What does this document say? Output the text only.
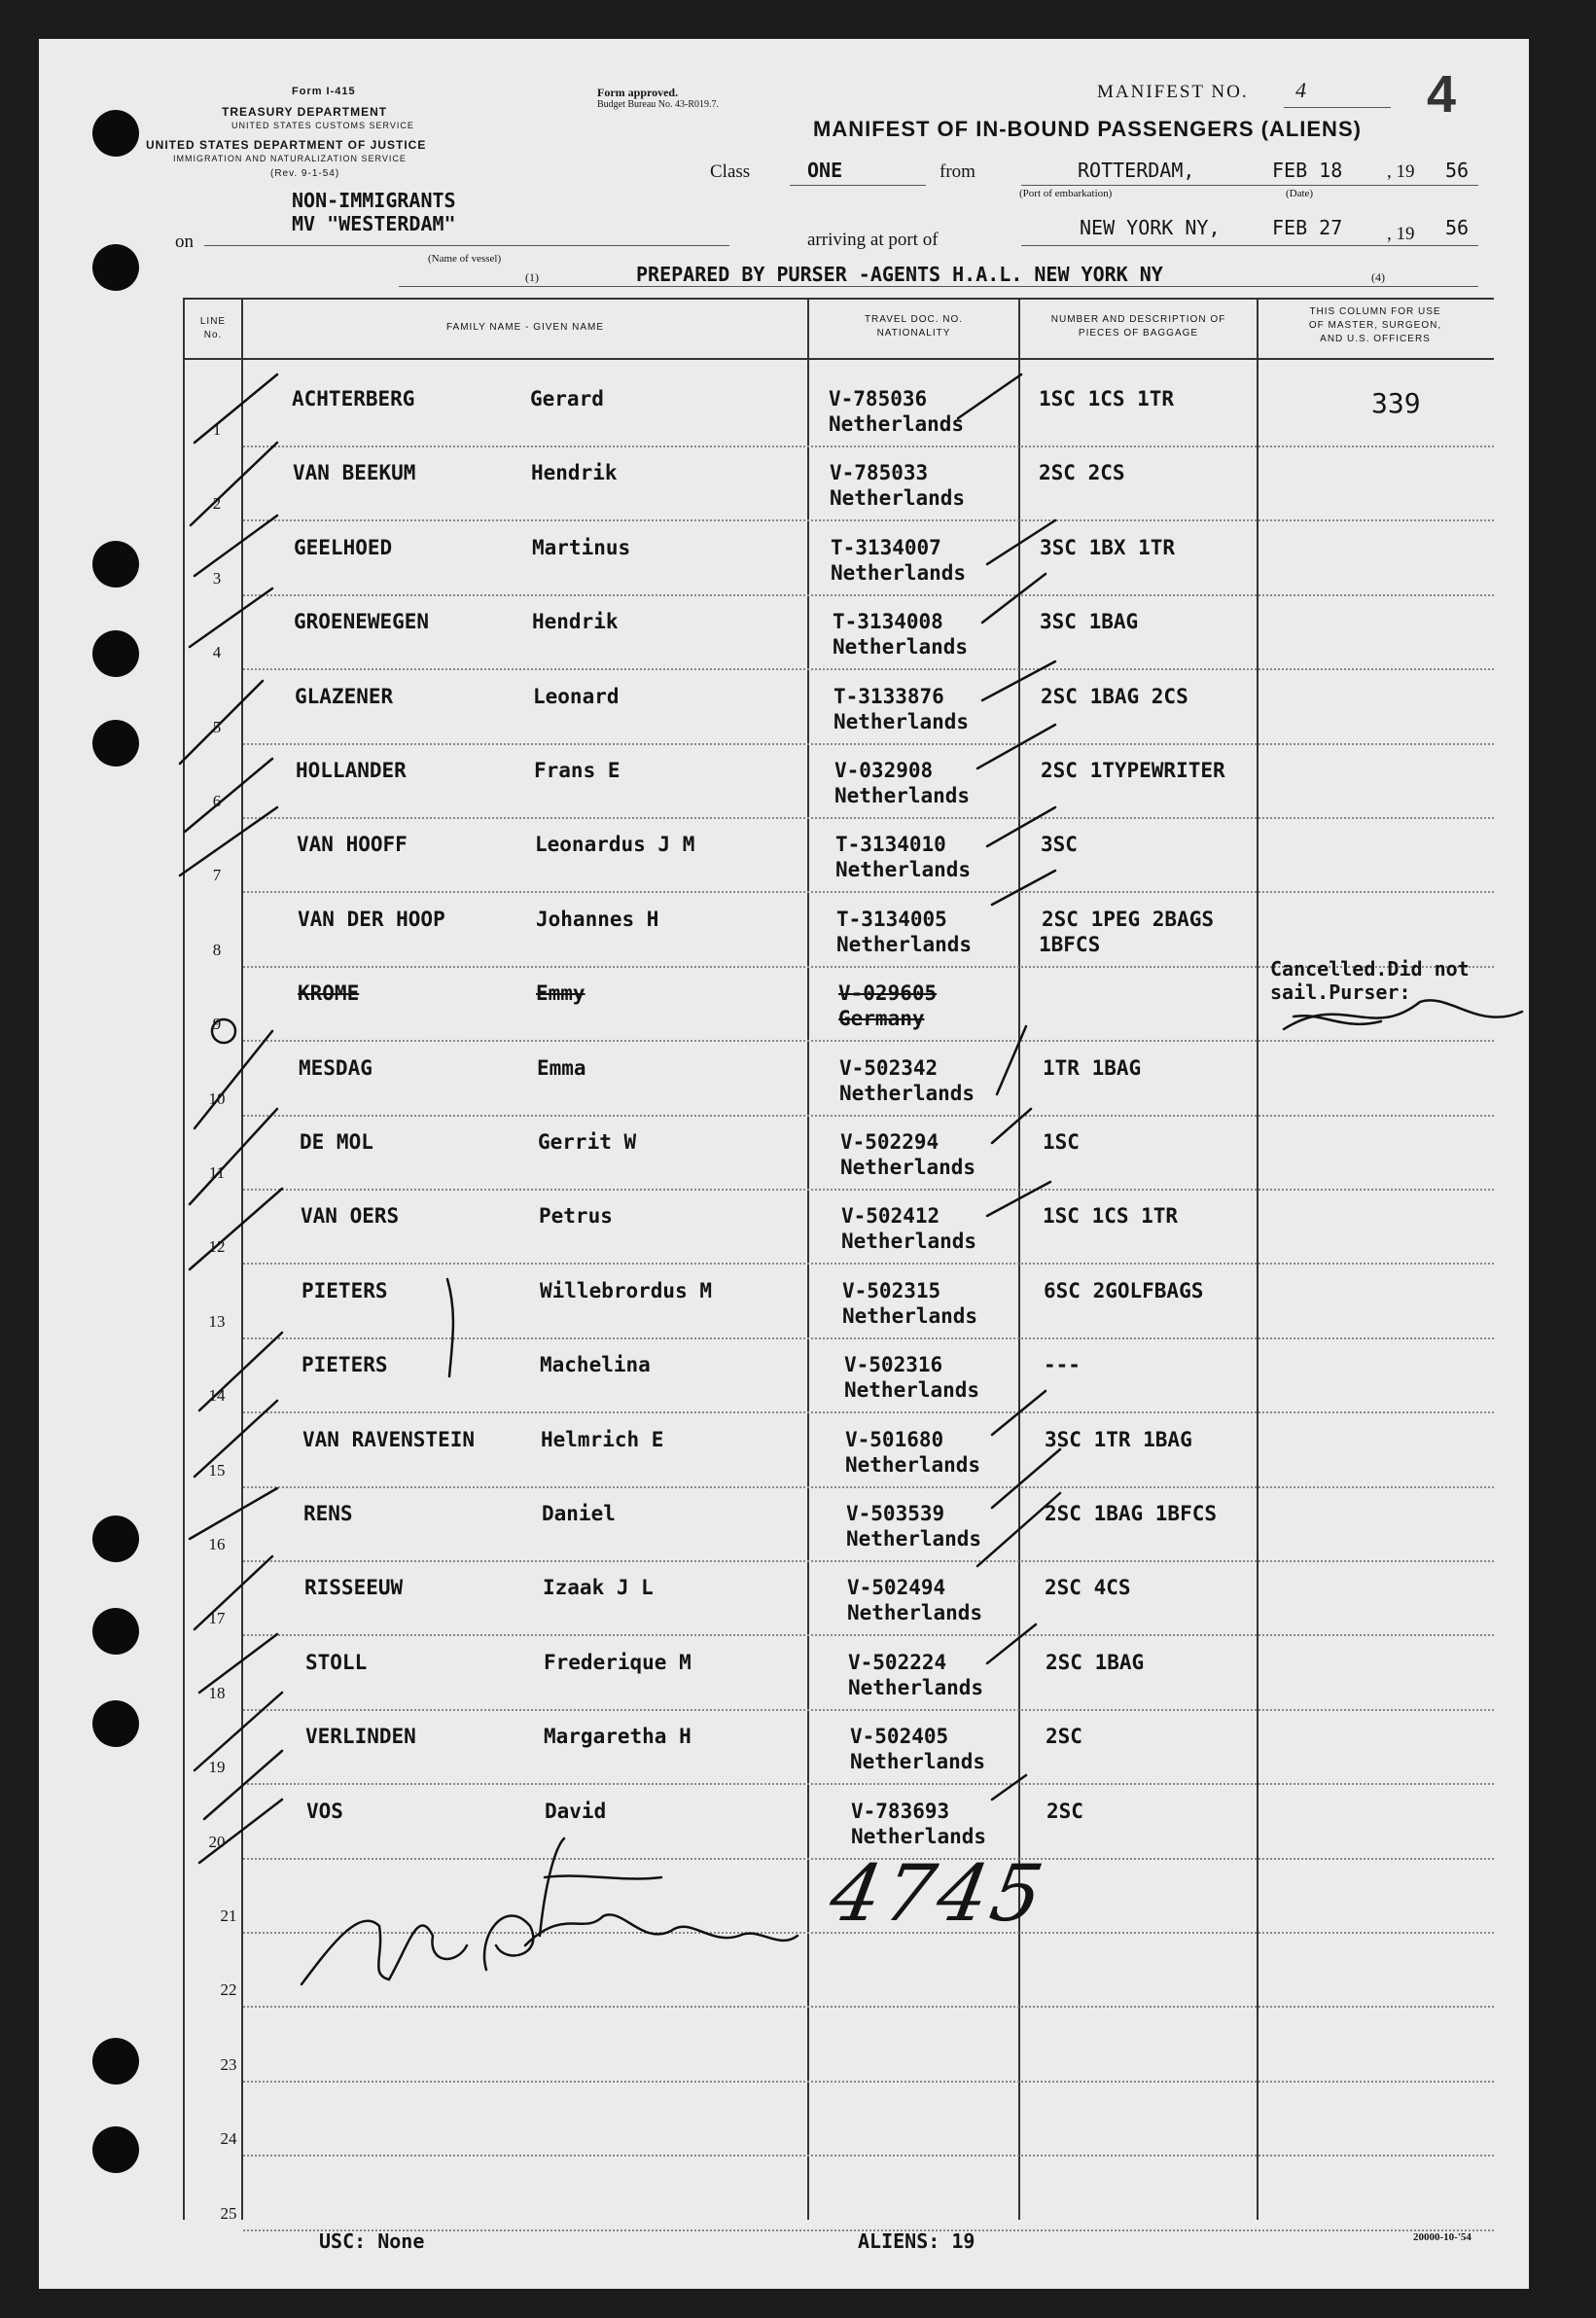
Form I-415
TREASURY DEPARTMENT
UNITED STATES CUSTOMS SERVICE
UNITED STATES DEPARTMENT OF JUSTICE
IMMIGRATION AND NATURALIZATION SERVICE
(Rev. 9-1-54)
Form approved.
Budget Bureau No. 43-R019.7.
MANIFEST NO. 4 4
MANIFEST OF IN-BOUND PASSENGERS (ALIENS)
Class	ONE	from	ROTTERDAM,
(Port of embarkation)
FEB 18
(Date)
, 19 56
NON-IMMIGRANTS
MV "WESTERDAM"
on
(Name of vessel)
arriving at port of
NEW YORK NY,	FEB 27 , 19 56
PREPARED BY PURSER -AGENTS H.A.L. NEW YORK NY
(1)	(4)
LINE
No.
FAMILY NAME - GIVEN NAME
TRAVEL DOC. NO.
NATIONALITY
NUMBER AND DESCRIPTION OF
PIECES OF BAGGAGE
THIS COLUMN FOR USE
OF MASTER, SURGEON,
AND U.S. OFFICERS
ACHTERBERG	Gerard	V-785036
Netherlands
1SC 1CS 1TR	339
1
VAN BEEKUM	Hendrik	V-785033
Netherlands
2SC 2CS
2
GEELHOED	Martinus	T-3134007
Netherlands
3SC 1BX 1TR
3
GROENEWEGEN	Hendrik	T-3134008
Netherlands
3SC 1BAG
4
GLAZENER	Leonard	T-3133876
Netherlands
2SC 1BAG 2CS
5
HOLLANDER	Frans E	V-032908
Netherlands
2SC 1TYPEWRITER
6
VAN HOOFF	Leonardus J M	T-3134010
Netherlands
3SC
7
VAN DER HOOP	Johannes H	T-3134005
Netherlands
2SC 1PEG 2BAGS
1BFCS
8
KROME	Emmy	V-029605
Germany
9
MESDAG	Emma	V-502342
Netherlands
1TR 1BAG
10
DE MOL	Gerrit W	V-502294
Netherlands
1SC
11
VAN OERS	Petrus	V-502412
Netherlands
1SC 1CS 1TR
12
PIETERS	Willebrordus M	V-502315
Netherlands
6SC 2GOLFBAGS
13
PIETERS	Machelina	V-502316
Netherlands
---
14
VAN RAVENSTEIN	Helmrich E	V-501680
Netherlands
3SC 1TR 1BAG
15
RENS	Daniel	V-503539
Netherlands
2SC 1BAG 1BFCS
16
RISSEEUW	Izaak J L	V-502494
Netherlands
2SC 4CS
17
STOLL	Frederique M	V-502224
Netherlands
2SC 1BAG
18
VERLINDEN	Margaretha H	V-502405
Netherlands
2SC
19
VOS	David	V-783693
Netherlands
2SC
20
21
22
23
24
25
Cancelled.Did not
sail.Purser:
4745
USC: None	ALIENS: 19	20000-10-'54
